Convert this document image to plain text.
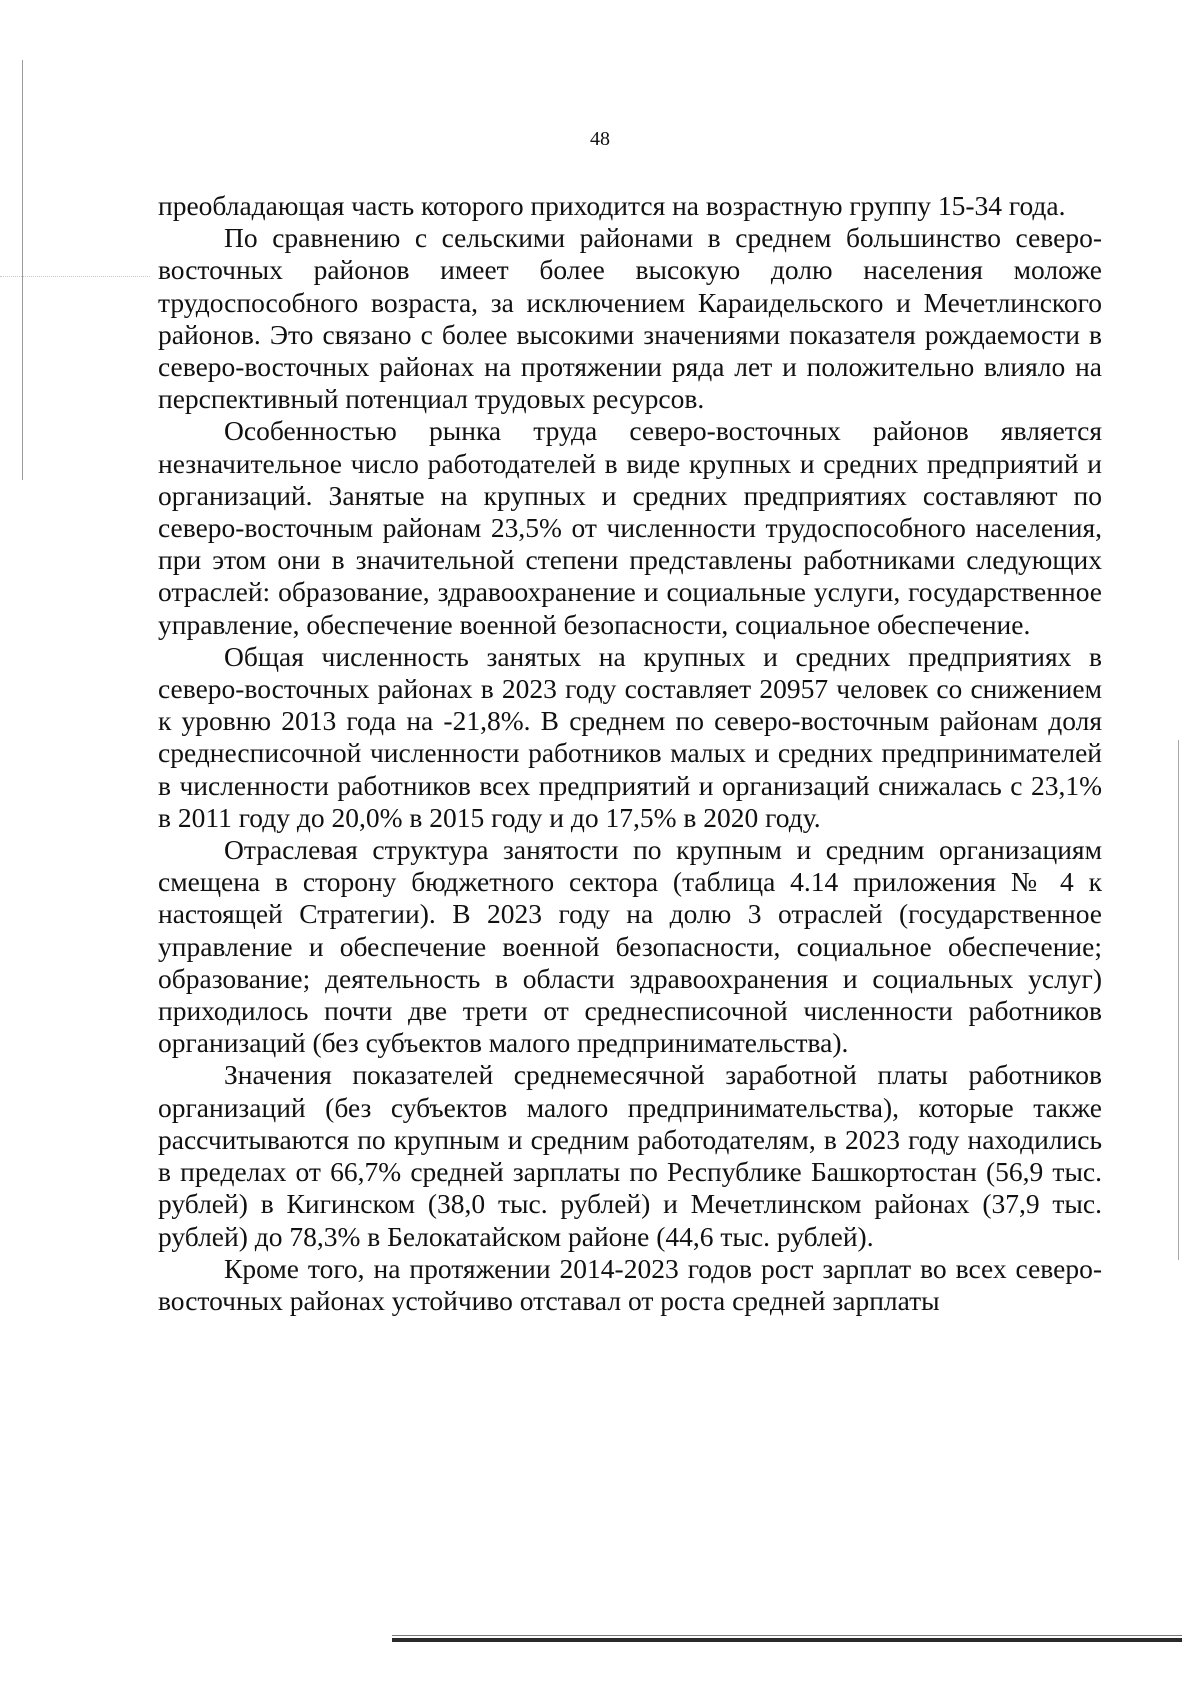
48

преобладающая часть которого приходится на возрастную группу 15-34 года.

По сравнению с сельскими районами в среднем большинство северо-восточных районов имеет более высокую долю населения моложе трудоспособного возраста, за исключением Караидельского и Мечетлинского районов. Это связано с более высокими значениями показателя рождаемости в северо-восточных районах на протяжении ряда лет и положительно влияло на перспективный потенциал трудовых ресурсов.

Особенностью рынка труда северо-восточных районов является незначительное число работодателей в виде крупных и средних предприятий и организаций. Занятые на крупных и средних предприятиях составляют по северо-восточным районам 23,5% от численности трудоспособного населения, при этом они в значительной степени представлены работниками следующих отраслей: образование, здравоохранение и социальные услуги, государственное управление, обеспечение военной безопасности, социальное обеспечение.

Общая численность занятых на крупных и средних предприятиях в северо-восточных районах в 2023 году составляет 20957 человек со снижением к уровню 2013 года на -21,8%. В среднем по северо-восточным районам доля среднесписочной численности работников малых и средних предпринимателей в численности работников всех предприятий и организаций снижалась с 23,1% в 2011 году до 20,0% в 2015 году и до 17,5% в 2020 году.

Отраслевая структура занятости по крупным и средним организациям смещена в сторону бюджетного сектора (таблица 4.14 приложения № 4 к настоящей Стратегии). В 2023 году на долю 3 отраслей (государственное управление и обеспечение военной безопасности, социальное обеспечение; образование; деятельность в области здравоохранения и социальных услуг) приходилось почти две трети от среднесписочной численности работников организаций (без субъектов малого предпринимательства).

Значения показателей среднемесячной заработной платы работников организаций (без субъектов малого предпринимательства), которые также рассчитываются по крупным и средним работодателям, в 2023 году находились в пределах от 66,7% средней зарплаты по Республике Башкортостан (56,9 тыс. рублей) в Кигинском (38,0 тыс. рублей) и Мечетлинском районах (37,9 тыс. рублей) до 78,3% в Белокатайском районе (44,6 тыс. рублей).

Кроме того, на протяжении 2014-2023 годов рост зарплат во всех северо-восточных районах устойчиво отставал от роста средней зарплаты
